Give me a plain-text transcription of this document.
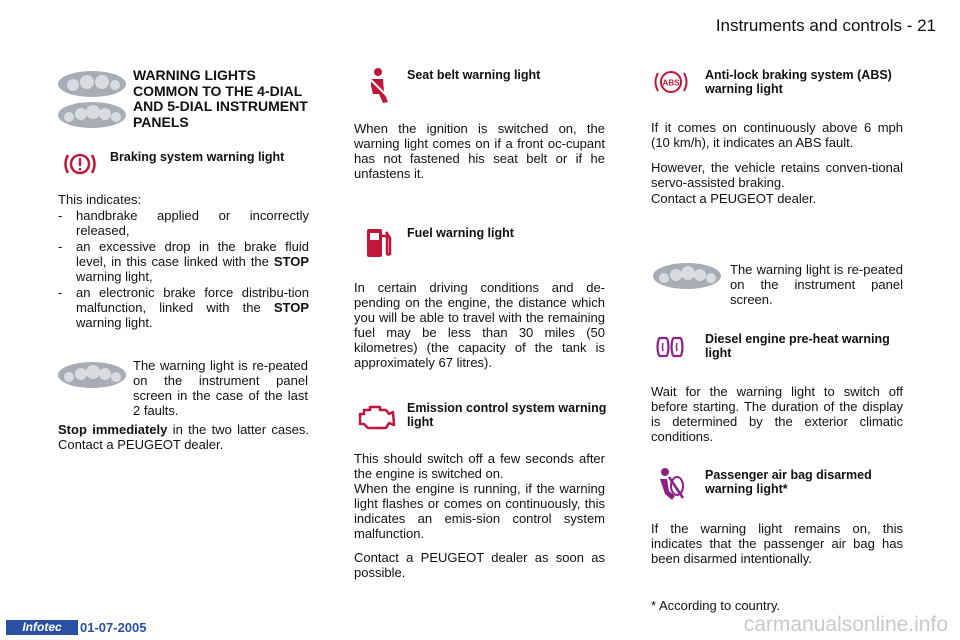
Instruments and controls - 21
WARNING LIGHTS COMMON TO THE 4-DIAL AND 5-DIAL INSTRUMENT PANELS
Braking system warning light

This indicates:

- handbrake applied or incorrectly released,
- an excessive drop in the brake fluid level, in this case linked with the STOP warning light,
- an electronic brake force distribu-tion malfunction, linked with the STOP warning light.

The warning light is re-peated on the instrument panel screen in the case of the last 2 faults.

Stop immediately in the two latter cases. Contact a PEUGEOT dealer.

Seat belt warning light

When the ignition is switched on, the warning light comes on if a front oc-cupant has not fastened his seat belt or if he unfastens it.

Fuel warning light

In certain driving conditions and de-pending on the engine, the distance which you will be able to travel with the remaining fuel may be less than 30 miles (50 kilometres) (the capacity of the tank is approximately 67 litres).

Emission control system warning light

This should switch off a few seconds after the engine is switched on.

When the engine is running, if the warning light flashes or comes on continuously, this indicates an emis-sion control system malfunction.

Contact a PEUGEOT dealer as soon as possible.

ABS
Anti-lock braking system (ABS) warning light

If it comes on continuously above 6 mph (10 km/h), it indicates an ABS fault.

However, the vehicle retains conven-tional servo-assisted braking.

Contact a PEUGEOT dealer.

The warning light is re-peated on the instrument panel screen.

Diesel engine pre-heat warning light

Wait for the warning light to switch off before starting. The duration of the display is determined by the exterior climatic conditions.

Passenger air bag disarmed warning light*

If the warning light remains on, this indicates that the passenger air bag has been disarmed intentionally.

* According to country.

Infotec	01-07-2005	carmanualsonline.info
